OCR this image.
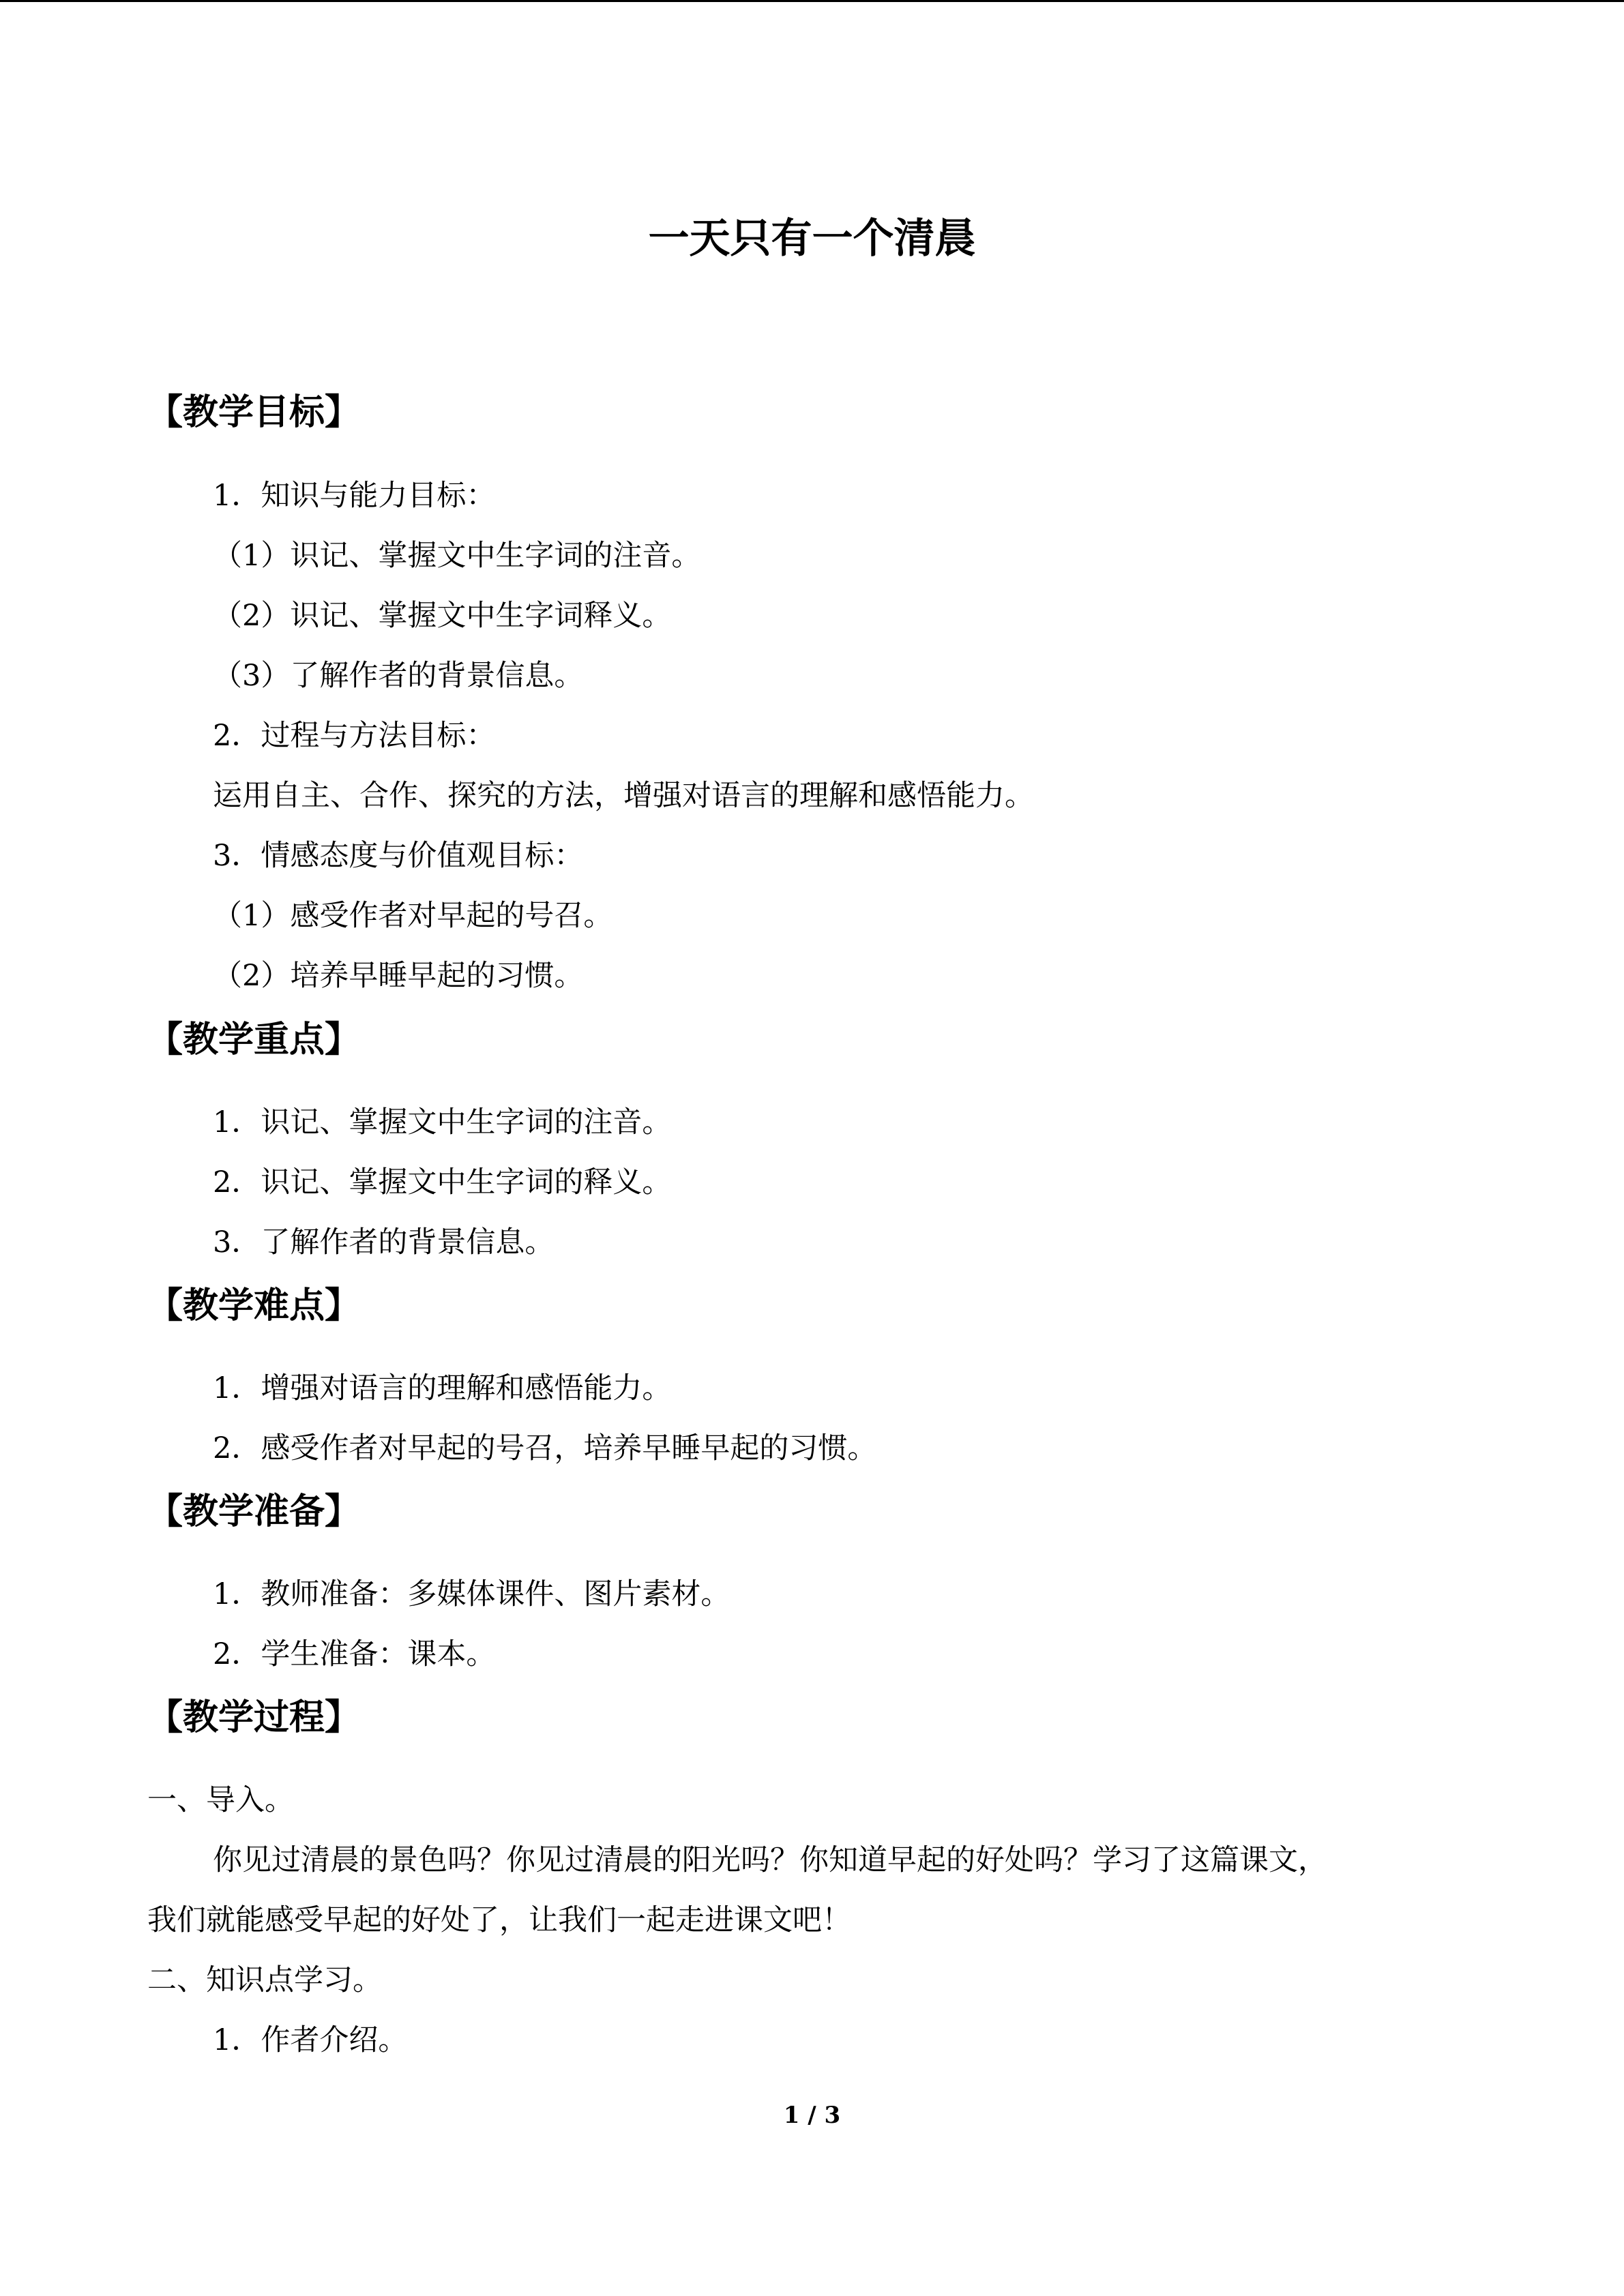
一天只有一个清晨
【教学目标】
1．知识与能力目标：
（1）识记、掌握文中生字词的注音。
（2）识记、掌握文中生字词释义。
（3）了解作者的背景信息。
2．过程与方法目标：
运用自主、合作、探究的方法，增强对语言的理解和感悟能力。
3．情感态度与价值观目标：
（1）感受作者对早起的号召。
（2）培养早睡早起的习惯。
【教学重点】
1．识记、掌握文中生字词的注音。
2．识记、掌握文中生字词的释义。
3．了解作者的背景信息。
【教学难点】
1．增强对语言的理解和感悟能力。
2．感受作者对早起的号召，培养早睡早起的习惯。
【教学准备】
1．教师准备：多媒体课件、图片素材。
2．学生准备：课本。
【教学过程】
一、导入。
你见过清晨的景色吗？你见过清晨的阳光吗？你知道早起的好处吗？学习了这篇课文，
我们就能感受早起的好处了，让我们一起走进课文吧！
二、知识点学习。
1．作者介绍。
1 / 3
